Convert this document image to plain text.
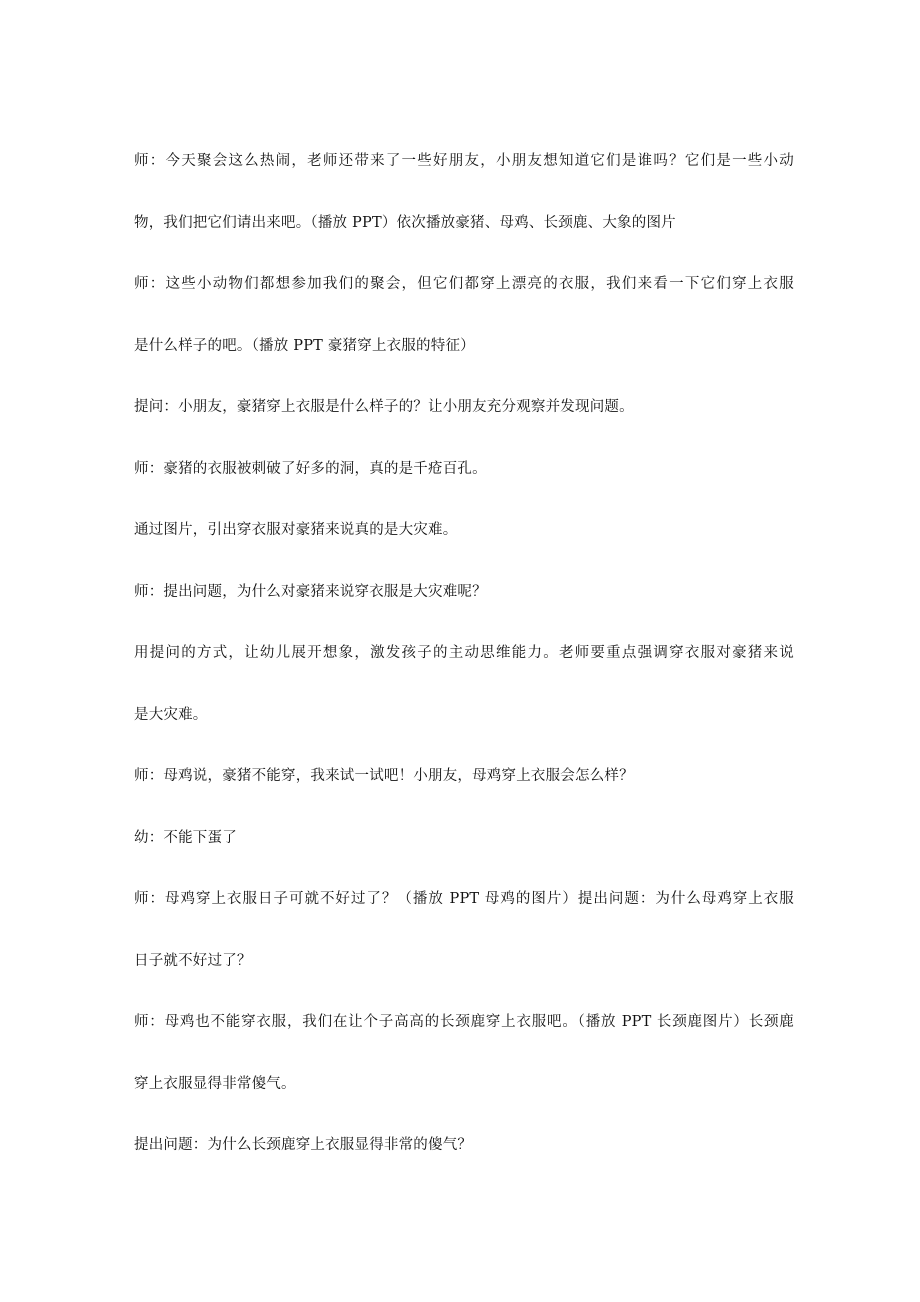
师：今天聚会这么热闹，老师还带来了一些好朋友，小朋友想知道它们是谁吗？它们是一些小动

物，我们把它们请出来吧。（播放 PPT）依次播放豪猪、母鸡、长颈鹿、大象的图片

师：这些小动物们都想参加我们的聚会，但它们都穿上漂亮的衣服，我们来看一下它们穿上衣服

是什么样子的吧。（播放 PPT 豪猪穿上衣服的特征）

提问：小朋友，豪猪穿上衣服是什么样子的？让小朋友充分观察并发现问题。

师：豪猪的衣服被刺破了好多的洞，真的是千疮百孔。

通过图片，引出穿衣服对豪猪来说真的是大灾难。

师：提出问题，为什么对豪猪来说穿衣服是大灾难呢？

用提问的方式，让幼儿展开想象，激发孩子的主动思维能力。老师要重点强调穿衣服对豪猪来说

是大灾难。

师：母鸡说，豪猪不能穿，我来试一试吧！小朋友，母鸡穿上衣服会怎么样？

幼：不能下蛋了

师：母鸡穿上衣服日子可就不好过了？（播放 PPT 母鸡的图片）提出问题：为什么母鸡穿上衣服

日子就不好过了？

师：母鸡也不能穿衣服，我们在让个子高高的长颈鹿穿上衣服吧。（播放 PPT 长颈鹿图片）长颈鹿

穿上衣服显得非常傻气。

提出问题：为什么长颈鹿穿上衣服显得非常的傻气？
